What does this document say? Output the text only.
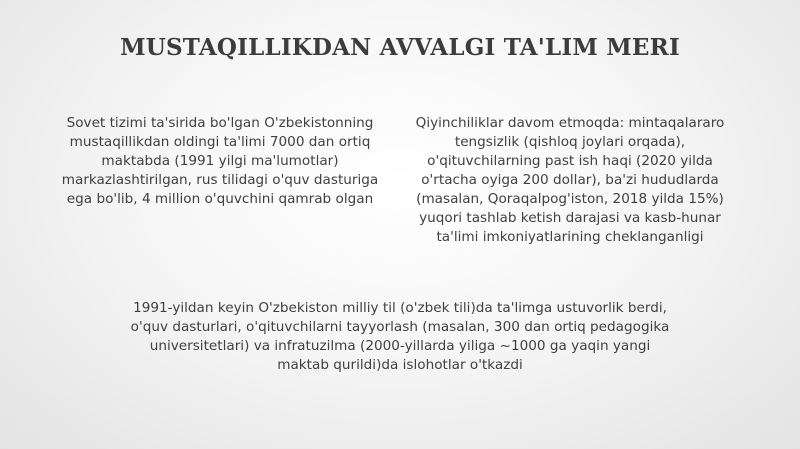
MUSTAQILLIKDAN AVVALGI TA'LIM MERI

Sovet tizimi ta'sirida bo'lgan O'zbekistonning mustaqillikdan oldingi ta'limi 7000 dan ortiq maktabda (1991 yilgi ma'lumotlar) markazlashtirilgan, rus tilidagi o'quv dasturiga ega bo'lib, 4 million o'quvchini qamrab olgan

Qiyinchiliklar davom etmoqda: mintaqalararo tengsizlik (qishloq joylari orqada), o'qituvchilarning past ish haqi (2020 yilda o'rtacha oyiga 200 dollar), ba'zi hududlarda (masalan, Qoraqalpog'iston, 2018 yilda 15%) yuqori tashlab ketish darajasi va kasb-hunar ta'limi imkoniyatlarining cheklanganligi

1991-yildan keyin O'zbekiston milliy til (o'zbek tili)da ta'limga ustuvorlik berdi, o'quv dasturlari, o'qituvchilarni tayyorlash (masalan, 300 dan ortiq pedagogika universitetlari) va infratuzilma (2000-yillarda yiliga ~1000 ga yaqin yangi maktab qurildi)da islohotlar o'tkazdi
